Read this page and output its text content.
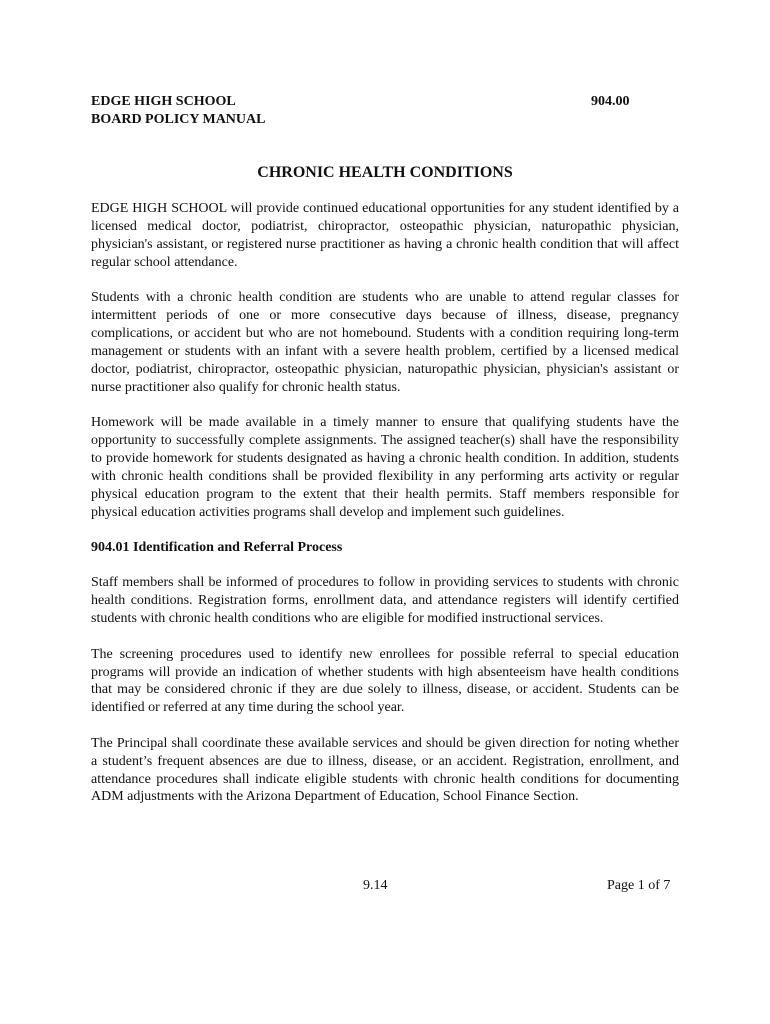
EDGE HIGH SCHOOL
BOARD POLICY MANUAL
904.00
CHRONIC HEALTH CONDITIONS

EDGE HIGH SCHOOL will provide continued educational opportunities for any student identified by a licensed medical doctor, podiatrist, chiropractor, osteopathic physician, naturopathic physician, physician's assistant, or registered nurse practitioner as having a chronic health condition that will affect regular school attendance.

Students with a chronic health condition are students who are unable to attend regular classes for intermittent periods of one or more consecutive days because of illness, disease, pregnancy complications, or accident but who are not homebound. Students with a condition requiring long-term management or students with an infant with a severe health problem, certified by a licensed medical doctor, podiatrist, chiropractor, osteopathic physician, naturopathic physician, physician's assistant or nurse practitioner also qualify for chronic health status.

Homework will be made available in a timely manner to ensure that qualifying students have the opportunity to successfully complete assignments. The assigned teacher(s) shall have the responsibility to provide homework for students designated as having a chronic health condition. In addition, students with chronic health conditions shall be provided flexibility in any performing arts activity or regular physical education program to the extent that their health permits. Staff members responsible for physical education activities programs shall develop and implement such guidelines.

904.01 Identification and Referral Process

Staff members shall be informed of procedures to follow in providing services to students with chronic health conditions. Registration forms, enrollment data, and attendance registers will identify certified students with chronic health conditions who are eligible for modified instructional services.

The screening procedures used to identify new enrollees for possible referral to special education programs will provide an indication of whether students with high absenteeism have health conditions that may be considered chronic if they are due solely to illness, disease, or accident. Students can be identified or referred at any time during the school year.

The Principal shall coordinate these available services and should be given direction for noting whether a student’s frequent absences are due to illness, disease, or an accident. Registration, enrollment, and attendance procedures shall indicate eligible students with chronic health conditions for documenting ADM adjustments with the Arizona Department of Education, School Finance Section.

9.14	Page 1 of 7
